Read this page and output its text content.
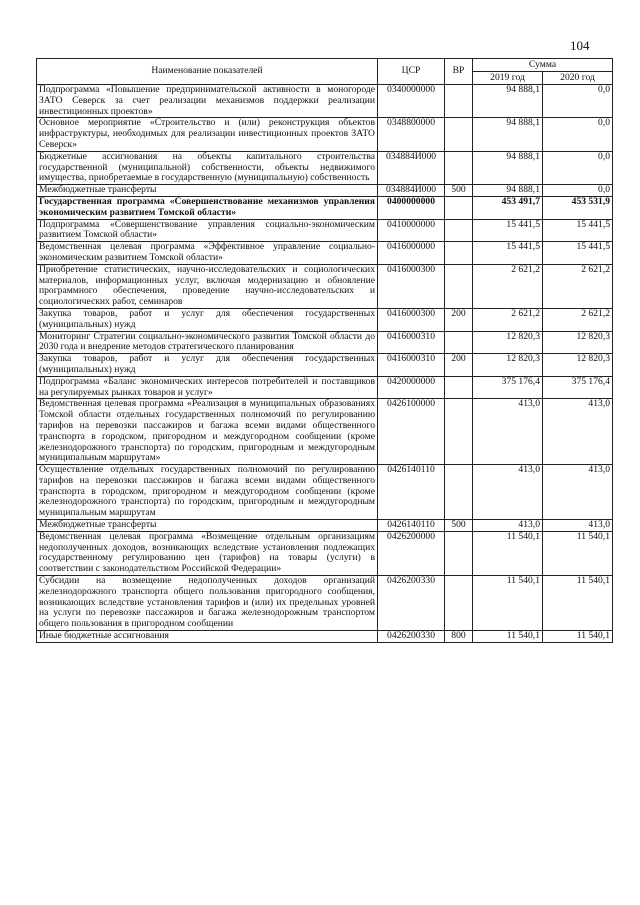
104
Наименование показателей	ЦСР	ВР	Сумма	
			2019 год	2020 год
Подпрограмма «Повышение предпринимательской активности в моногороде ЗАТО Северск за счет реализации механизмов поддержки реализации инвестиционных проектов»	0340000000		94 888,1	0,0
Основное мероприятие «Строительство и (или) реконструкция объектов инфраструктуры, необходимых для реализации инвестиционных проектов ЗАТО Северск»	0348800000		94 888,1	0,0
Бюджетные ассигнования на объекты капитального строительства государственной (муниципальной) собственности, объекты недвижимого имущества, приобретаемые в государственную (муниципальную) собственность	034884И000		94 888,1	0,0
Межбюджетные трансферты	034884И000	500	94 888,1	0,0
Государственная программа «Совершенствование механизмов управления экономическим развитием Томской области»	0400000000		453 491,7	453 531,9
Подпрограмма «Совершенствование управления социально-экономическим развитием Томской области»	0410000000		15 441,5	15 441,5
Ведомственная целевая программа «Эффективное управление социально-экономическим развитием Томской области»	0416000000		15 441,5	15 441,5
Приобретение статистических, научно-исследовательских и социологических материалов, информационных услуг, включая модернизацию и обновление программного обеспечения, проведение научно-исследовательских и социологических работ, семинаров	0416000300		2 621,2	2 621,2
Закупка товаров, работ и услуг для обеспечения государственных (муниципальных) нужд	0416000300	200	2 621,2	2 621,2
Мониторинг Стратегии социально-экономического развития Томской области до 2030 года и внедрение методов стратегического планирования	0416000310		12 820,3	12 820,3
Закупка товаров, работ и услуг для обеспечения государственных (муниципальных) нужд	0416000310	200	12 820,3	12 820,3
Подпрограмма «Баланс экономических интересов потребителей и поставщиков на регулируемых рынках товаров и услуг»	0420000000		375 176,4	375 176,4
Ведомственная целевая программа «Реализация в муниципальных образованиях Томской области отдельных государственных полномочий по регулированию тарифов на перевозки пассажиров и багажа всеми видами общественного транспорта в городском, пригородном и междугородном сообщении (кроме железнодорожного транспорта) по городским, пригородным и междугородным муниципальным маршрутам»	0426100000		413,0	413,0
Осуществление отдельных государственных полномочий по регулированию тарифов на перевозки пассажиров и багажа всеми видами общественного транспорта в городском, пригородном и междугородном сообщении (кроме железнодорожного транспорта) по городским, пригородным и междугородным муниципальным маршрутам	0426140110		413,0	413,0
Межбюджетные трансферты	0426140110	500	413,0	413,0
Ведомственная целевая программа «Возмещение отдельным организациям недополученных доходов, возникающих вследствие установления подлежащих государственному регулированию цен (тарифов) на товары (услуги) в соответствии с законодательством Российской Федерации»	0426200000		11 540,1	11 540,1
Субсидии на возмещение недополученных доходов организаций железнодорожного транспорта общего пользования пригородного сообщения, возникающих вследствие установления тарифов и (или) их предельных уровней на услуги по перевозке пассажиров и багажа железнодорожным транспортом общего пользования в пригородном сообщении	0426200330		11 540,1	11 540,1
Иные бюджетные ассигнования	0426200330	800	11 540,1	11 540,1
